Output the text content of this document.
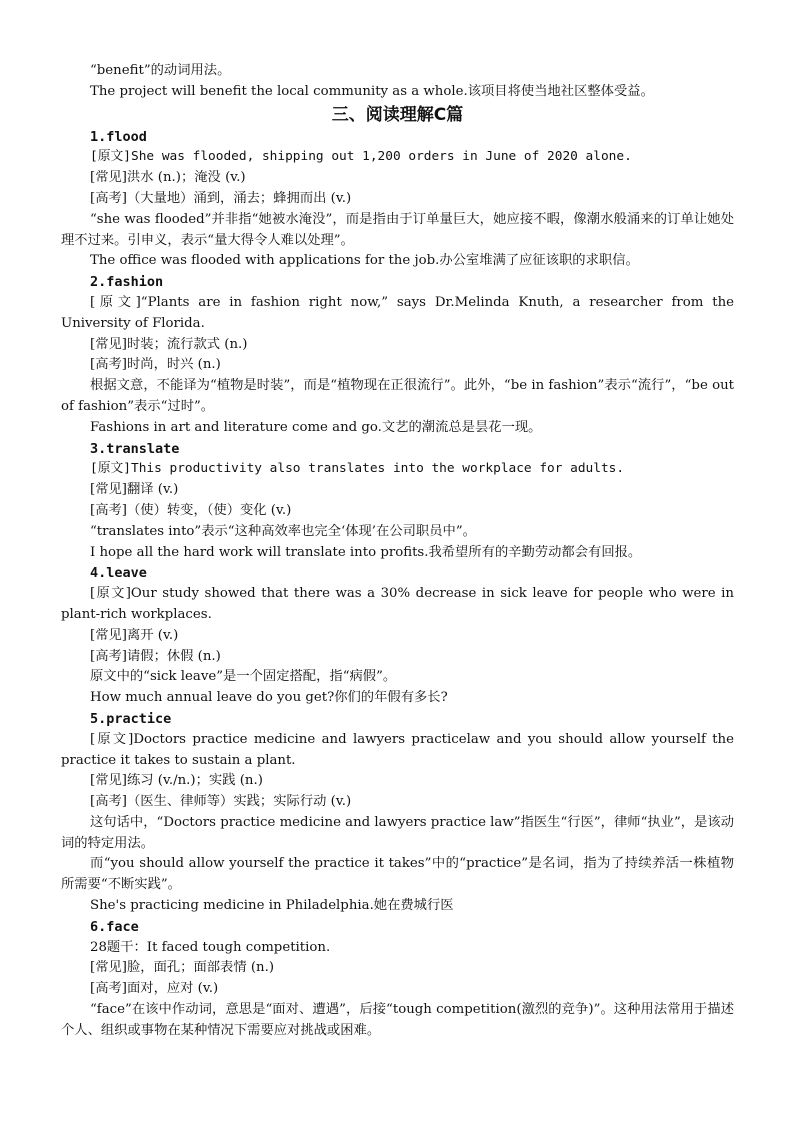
“benefit”的动词用法。
The project will benefit the local community as a whole.该项目将使当地社区整体受益。
三、阅读理解C篇
1.flood
[原文]She was flooded, shipping out 1,200 orders in June of 2020 alone.
[常见]洪水 (n.)；淹没 (v.)
[高考]（大量地）涌到，涌去；蜂拥而出 (v.)
“she was flooded”并非指“她被水淹没”，而是指由于订单量巨大，她应接不暇，像潮水般涌来的订单让她处理不过来。引申义，表示“量大得令人难以处理”。
The office was flooded with applications for the job.办公室堆满了应征该职的求职信。
2.fashion
[原文]“Plants are in fashion right now,” says Dr.Melinda Knuth, a researcher from the University of Florida.
[常见]时装；流行款式 (n.)
[高考]时尚，时兴 (n.)
根据文意，不能译为“植物是时装”，而是“植物现在正很流行”。此外，“be in fashion”表示“流行”，“be out of fashion”表示“过时”。
Fashions in art and literature come and go.文艺的潮流总是昙花一现。
3.translate
[原文]This productivity also translates into the workplace for adults.
[常见]翻译 (v.)
[高考]（使）转变，（使）变化 (v.)
“translates into”表示“这种高效率也完全‘体现’在公司职员中”。
I hope all the hard work will translate into profits.我希望所有的辛勤劳动都会有回报。
4.leave
[原文]Our study showed that there was a 30% decrease in sick leave for people who were in plant-rich workplaces.
[常见]离开 (v.)
[高考]请假；休假 (n.)
原文中的“sick leave”是一个固定搭配，指“病假”。
How much annual leave do you get?你们的年假有多长?
5.practice
[原文]Doctors practice medicine and lawyers practicelaw and you should allow yourself the practice it takes to sustain a plant.
[常见]练习 (v./n.)；实践 (n.)
[高考]（医生、律师等）实践；实际行动 (v.)
这句话中，“Doctors practice medicine and lawyers practice law”指医生“行医”，律师“执业”，是该动词的特定用法。
而“you should allow yourself the practice it takes”中的“practice”是名词，指为了持续养活一株植物所需要“不断实践”。
She's practicing medicine in Philadelphia.她在费城行医
6.face
28题干：It faced tough competition.
[常见]脸，面孔；面部表情 (n.)
[高考]面对，应对 (v.)
“face”在该中作动词，意思是“面对、遭遇”，后接“tough competition(激烈的竞争)”。这种用法常用于描述个人、组织或事物在某种情况下需要应对挑战或困难。
